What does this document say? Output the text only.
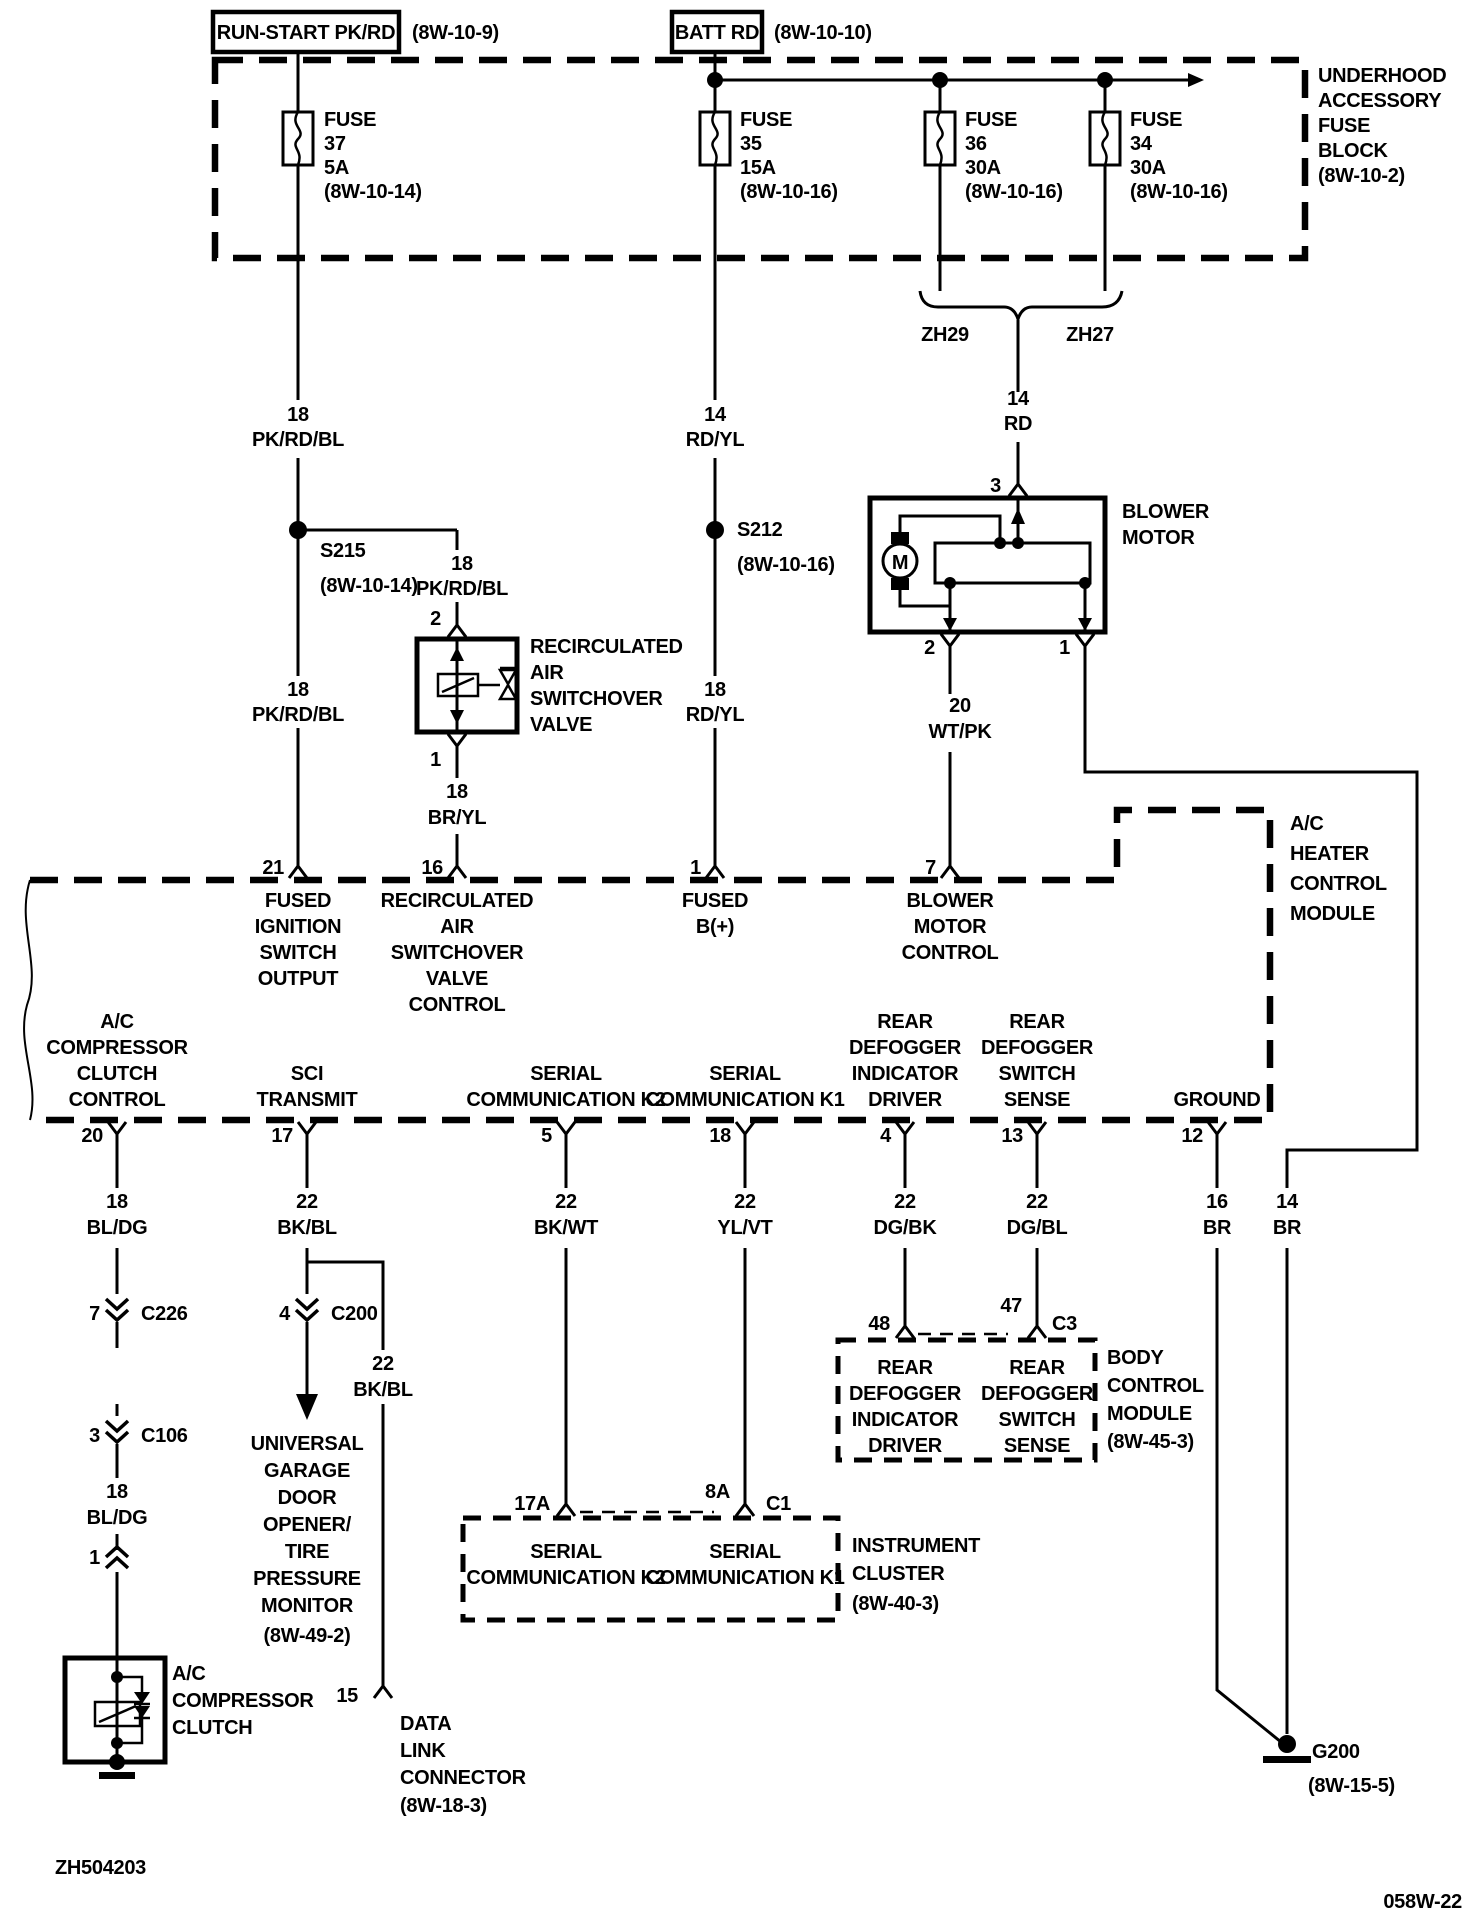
RUN-START PK/RD (8W-10-9)	BATT RD (8W-10-10)
UNDERHOOD
ACCESSORY
FUSE
BLOCK
(8W-10-2)
FUSE
37
5A
(8W-10-14)
FUSE
35
15A
(8W-10-16)
FUSE
36
30A
(8W-10-16)
FUSE
34
30A
(8W-10-16)
ZH29	ZH27
14
RD
18
PK/RD/BL
14
RD/YL
S215
(8W-10-14)
18
PK/RD/BL
2
RECIRCULATED
AIR
SWITCHOVER
VALVE
1
18
BR/YL
18
PK/RD/BL
S212
(8W-10-16)
18
RD/YL
BLOWER
MOTOR
3
2	1
M
20
WT/PK
21	16	1	7
FUSED
IGNITION
SWITCH
OUTPUT
RECIRCULATED
AIR
SWITCHOVER
VALVE
CONTROL
FUSED
B(+)
BLOWER
MOTOR
CONTROL
A/C
HEATER
CONTROL
MODULE
A/C
COMPRESSOR
CLUTCH
CONTROL
SCI
TRANSMIT
SERIAL
COMMUNICATION K2
SERIAL
COMMUNICATION K1
REAR
DEFOGGER
INDICATOR
DRIVER
REAR
DEFOGGER
SWITCH
SENSE	GROUND
20	17	5	18	4	13	12
18
BL/DG
22
BK/BL
22
BK/WT
22
YL/VT
22
DG/BK
22
DG/BL
16
BR
14
BR
7 C226	4 C200
22
BK/BL
3 C106
18
BL/DG
1
UNIVERSAL
GARAGE
DOOR
OPENER/
TIRE
PRESSURE
MONITOR
(8W-49-2)
A/C
COMPRESSOR
CLUTCH
15
DATA
LINK
CONNECTOR
(8W-18-3)
17A
8A
C1
SERIAL
COMMUNICATION K2
SERIAL
COMMUNICATION K1
INSTRUMENT
CLUSTER
(8W-40-3)
48
47
C3
REAR
DEFOGGER
INDICATOR
DRIVER
REAR
DEFOGGER
SWITCH
SENSE
BODY
CONTROL
MODULE
(8W-45-3)
G200
(8W-15-5)
ZH504203
058W-22
